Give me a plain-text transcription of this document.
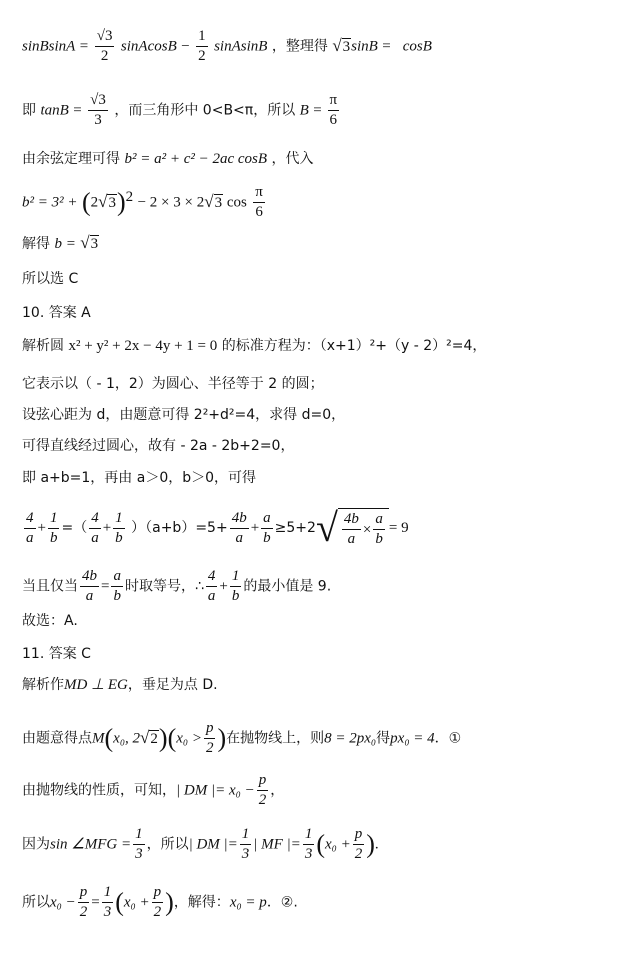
sinBsinA = $\frac{√3}{2}$ sinAcosB − $\frac{1}{2}$ sinAsinB ，整理得 √3sinB =   cosB
即 $\tan B = \frac{√3}{3}$ ，而三角形中 0<B<π，所以 $B = \frac{\pi}{6}$
由余弦定理可得 b² = a² + c² − 2ac cosB ，代入
$b^2 = 3^2 + (2√3)^2 - 2 \times 3 \times 2√3$ $\cos \frac{\pi}{6}$
解得 b = √3
所以选 C
10. 答案 A
解析圆 x² + y² + 2x − 4y + 1 = 0 的标准方程为：（x+1）²+（y - 2）²=4，
它表示以（ - 1，2）为圆心、半径等于 2 的圆；
设弦心距为 d，由题意可得 2²+d²=4，求得 d=0，
可得直线经过圆心，故有 - 2a - 2b+2=0，
即 a+b=1，再由 a＞0，b＞0，可得
$\frac{4}{a} + \frac{1}{b}$ =（ $\frac{4}{a} + \frac{1}{b} )(a+b)=5+ \frac{4b}{a} + \frac{a}{b} \ge 5+2$ √ $\frac{4b}{a} \times \frac{a}{b} = 9$
当且仅当 $\frac{4b}{a} = \frac{a}{b}$ 时取等号，∴ $\frac{4}{a} + \frac{1}{b}$ 的最小值是 9.
故选：A.
11. 答案 C
解析作MD ⊥ EG，垂足为点 D.
由题意得点M(x₀, $2√2)(x_0 > \frac{p}{2}$ )在抛物线上，则8 = 2px₀得px₀ = 4．①
由抛物线的性质，可知，| DM |= $x_0 - \frac{p}{2}$ ，
因为sin ∠MFG = $\frac{1}{3}$ ，所以| DM |= $\frac{1}{3}$ | MF |= $\frac{1}{3} (x_0 + \frac{p}{2}$ ).
所以$x_0 - \frac{p}{2} = \frac{1}{3} (x_0 + \frac{p}{2}$ )，解得：x₀ = p．②.
